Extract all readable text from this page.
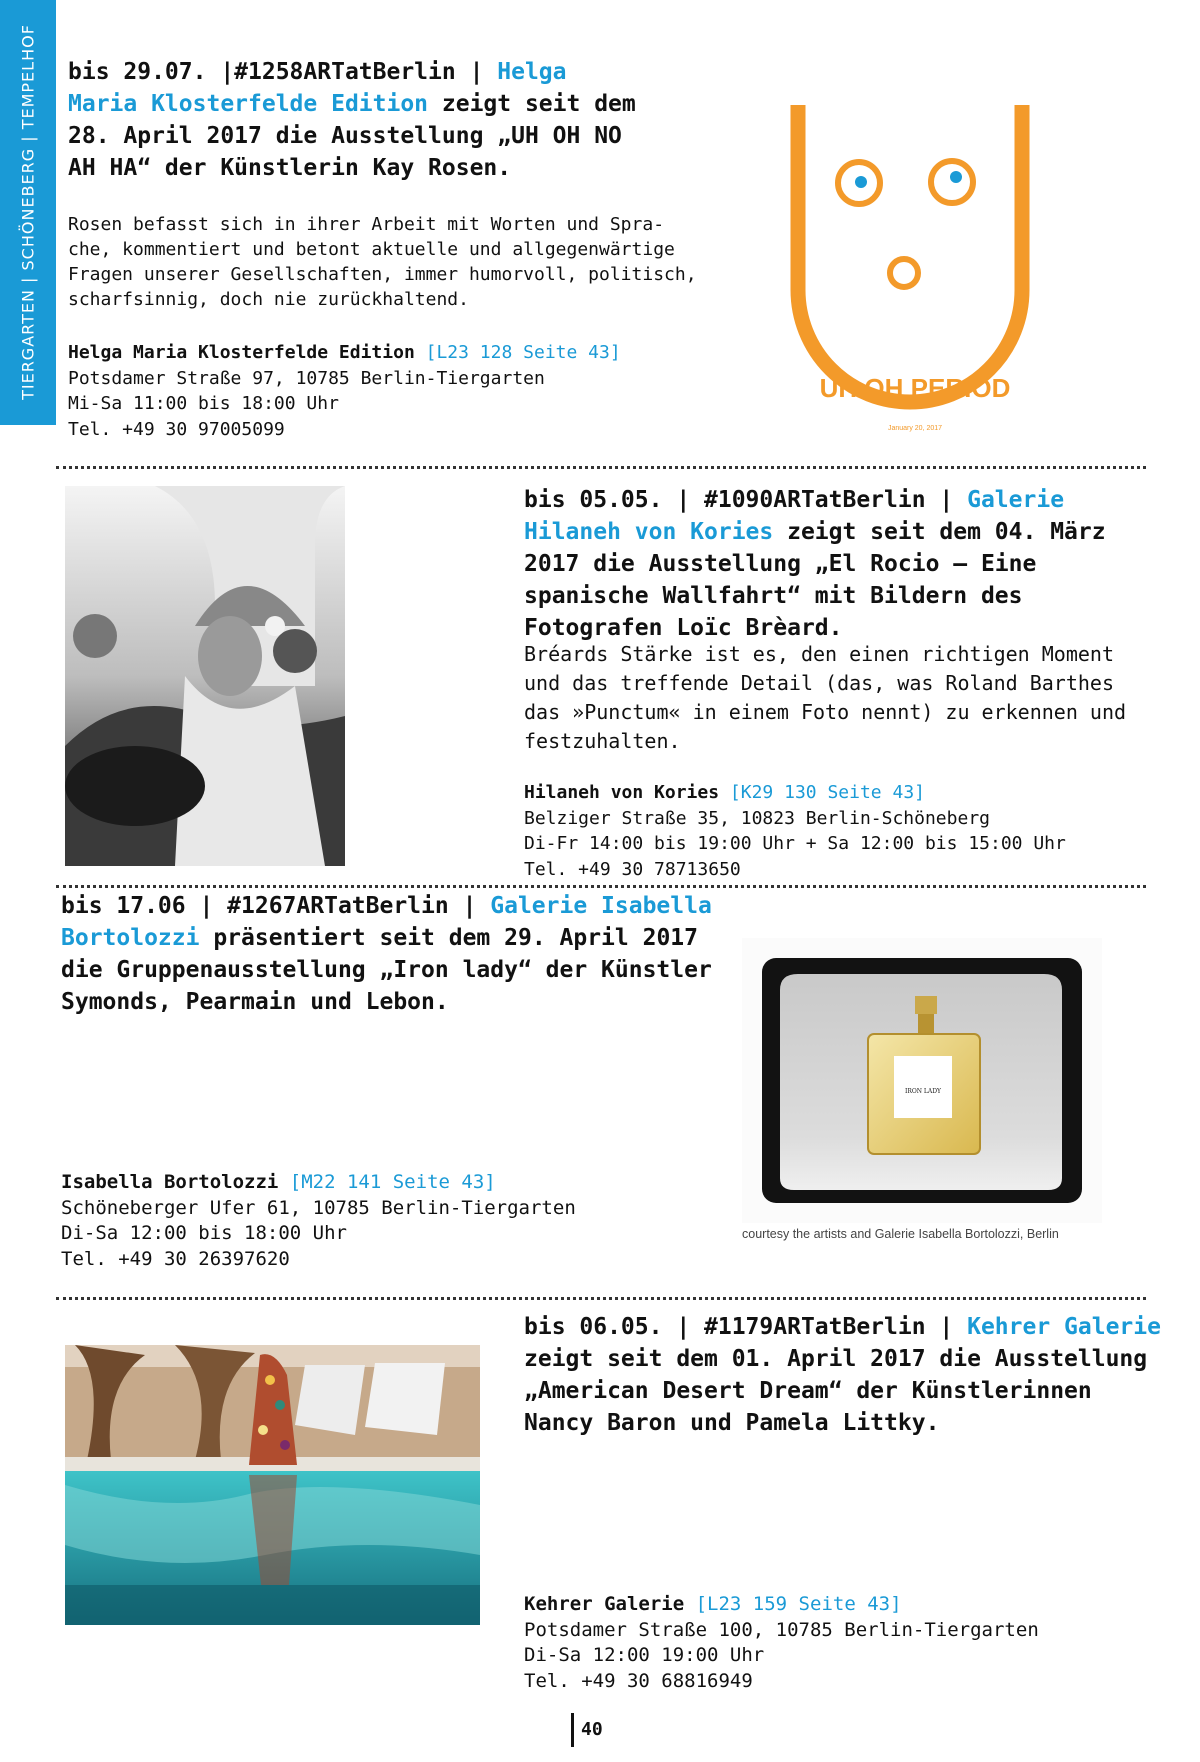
TIERGARTEN | SCHÖNEBERG | TEMPELHOF bis 29.07. |#1258ARTatBerlin | Helga Maria Klosterfelde Edition zeigt seit dem 28. April 2017 die Ausstellung „UH OH NO AH HA“ der Künstlerin Kay Rosen.

Rosen befasst sich in ihrer Arbeit mit Worten und Spra-
che, kommentiert und betont aktuelle und allgegenwärtige
Fragen unserer Gesellschaften, immer humorvoll, politisch,
scharfsinnig, doch nie zurückhaltend.

Helga Maria Klosterfelde Edition [L23 128 Seite 43]
Potsdamer Straße 97, 10785 Berlin-Tiergarten
Mi-Sa 11:00 bis 18:00 Uhr
Tel. +49 30 97005099
UH OH PERIOD
January 20, 2017

bis 05.05. | #1090ARTatBerlin | Galerie Hilaneh von Kories zeigt seit dem 04. März 2017 die Ausstellung „El Rocio – Eine spanische Wallfahrt“ mit Bildern des Fotografen Loïc Brèard.

Bréards Stärke ist es, den einen richtigen Moment und das treffende Detail (das, was Roland Barthes das »Punctum« in einem Foto nennt) zu erkennen und festzuhalten.

Hilaneh von Kories [K29 130 Seite 43]
Belziger Straße 35, 10823 Berlin-Schöneberg
Di-Fr 14:00 bis 19:00 Uhr + Sa 12:00 bis 15:00 Uhr
Tel. +49 30 78713650

bis 17.06 | #1267ARTatBerlin | Galerie Isabella Bortolozzi präsentiert seit dem 29. April 2017 die Gruppenausstellung „Iron lady“ der Künstler Symonds, Pearmain und Lebon.

Isabella Bortolozzi [M22 141 Seite 43]
Schöneberger Ufer 61, 10785 Berlin-Tiergarten
Di-Sa 12:00 bis 18:00 Uhr
Tel. +49 30 26397620
IRON LADY
courtesy the artists and Galerie Isabella Bortolozzi, Berlin

bis 06.05. | #1179ARTatBerlin | Kehrer Galerie zeigt seit dem 01. April 2017 die Ausstellung „American Desert Dream“ der Künstlerinnen Nancy Baron und Pamela Littky.

Kehrer Galerie [L23 159 Seite 43]
Potsdamer Straße 100, 10785 Berlin-Tiergarten
Di-Sa 12:00 19:00 Uhr
Tel. +49 30 68816949
40
